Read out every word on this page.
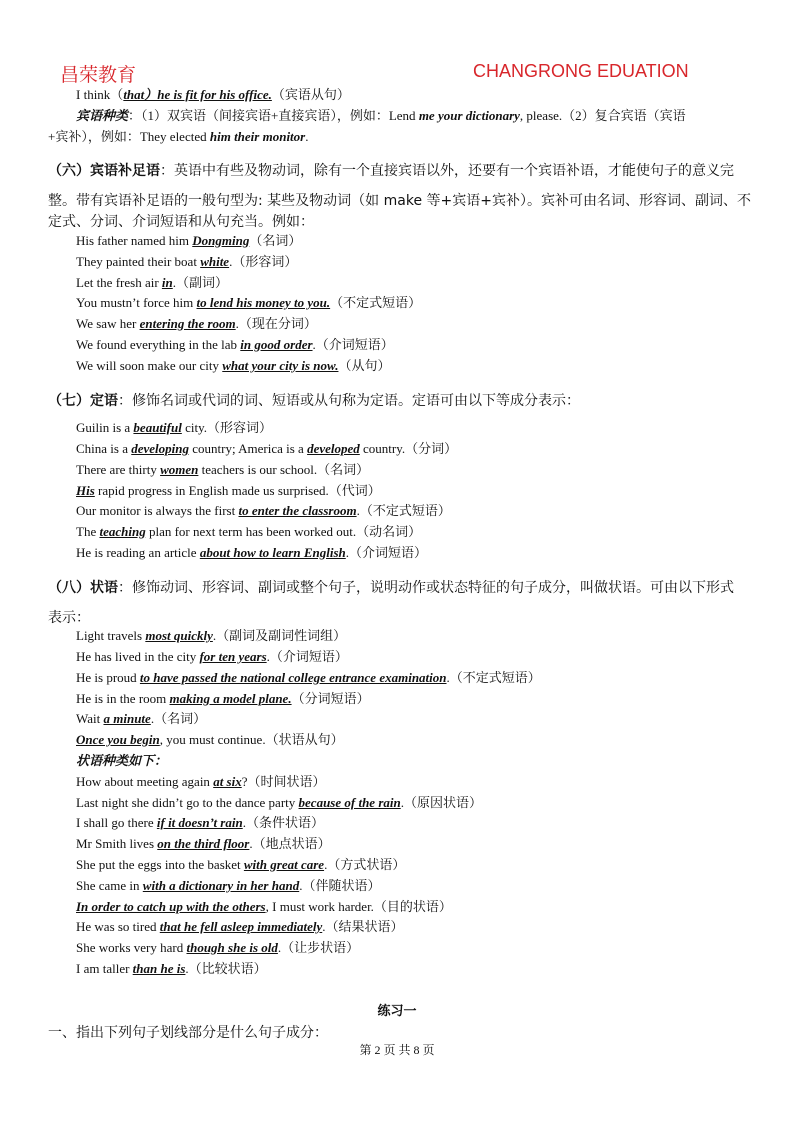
昌荣教育	CHANGRONG EDUATION
I think（that）he is fit for his office.（宾语从句）
宾语种类：（1）双宾语（间接宾语+直接宾语），例如：Lend me your dictionary, please.（2）复合宾语（宾语
+宾补），例如：They elected him their monitor.
（六）宾语补足语：英语中有些及物动词，除有一个直接宾语以外，还要有一个宾语补语，才能使句子的意义完
整。带有宾语补足语的一般句型为: 某些及物动词（如 make 等+宾语+宾补）。宾补可由名词、形容词、副词、不
定式、分词、介词短语和从句充当。例如：
His father named him Dongming（名词）
They painted their boat white.（形容词）
Let the fresh air in.（副词）
You mustn’t force him to lend his money to you.（不定式短语）
We saw her entering the room.（现在分词）
We found everything in the lab in good order.（介词短语）
We will soon make our city what your city is now.（从句）
（七）定语：修饰名词或代词的词、短语或从句称为定语。定语可由以下等成分表示：
Guilin is a beautiful city.（形容词）
China is a developing country; America is a developed country.（分词）
There are thirty women teachers is our school.（名词）
His rapid progress in English made us surprised.（代词）
Our monitor is always the first to enter the classroom.（不定式短语）
The teaching plan for next term has been worked out.（动名词）
He is reading an article about how to learn English.（介词短语）
（八）状语：修饰动词、形容词、副词或整个句子，说明动作或状态特征的句子成分，叫做状语。可由以下形式
表示：
Light travels most quickly.（副词及副词性词组）
He has lived in the city for ten years.（介词短语）
He is proud to have passed the national college entrance examination.（不定式短语）
He is in the room making a model plane.（分词短语）
Wait a minute.（名词）
Once you begin, you must continue.（状语从句）
状语种类如下：
How about meeting again at six?（时间状语）
Last night she didn’t go to the dance party because of the rain.（原因状语）
I shall go there if it doesn’t rain.（条件状语）
Mr Smith lives on the third floor.（地点状语）
She put the eggs into the basket with great care.（方式状语）
She came in with a dictionary in her hand.（伴随状语）
In order to catch up with the others, I must work harder.（目的状语）
He was so tired that he fell asleep immediately.（结果状语）
She works very hard though she is old.（让步状语）
I am taller than he is.（比较状语）
练习一
一、指出下列句子划线部分是什么句子成分：
第 2 页 共 8 页
